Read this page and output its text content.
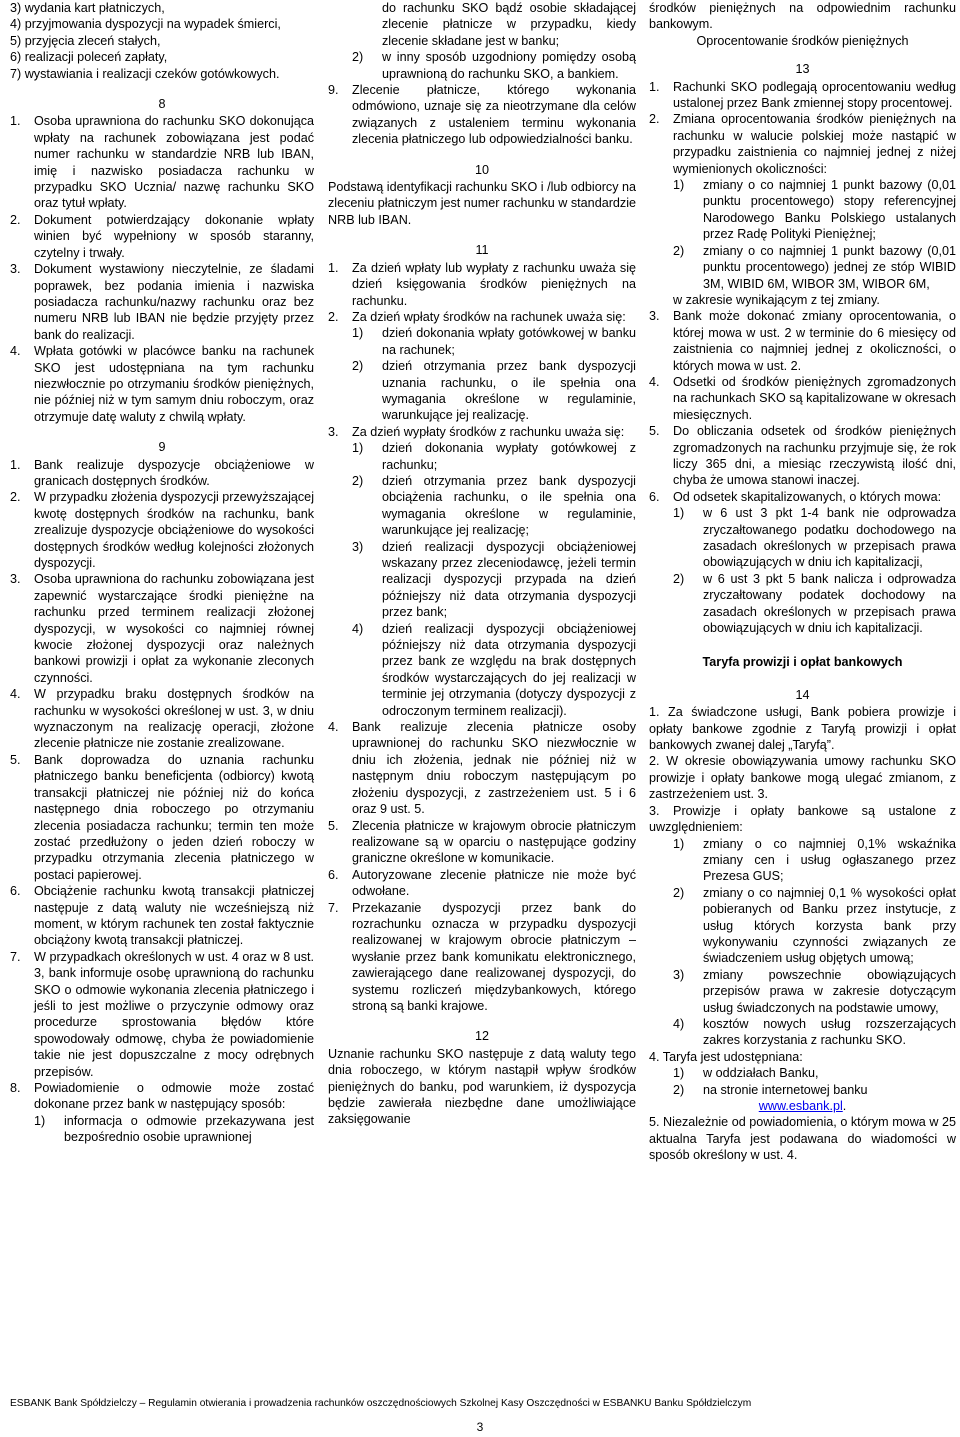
3) wydania kart płatniczych,

4) przyjmowania dyspozycji na wypadek śmierci,

5) przyjęcia zleceń stałych,

6) realizacji poleceń zapłaty,

7) wystawiania i realizacji czeków gotówkowych.

8

1.	Osoba uprawniona do rachunku SKO dokonująca wpłaty na rachunek zobowiązana jest podać numer rachunku w standardzie NRB lub IBAN, imię i nazwisko posiadacza rachunku w przypadku SKO Ucznia/ nazwę rachunku SKO oraz tytuł wpłaty.
2.	Dokument potwierdzający dokonanie wpłaty winien być wypełniony w sposób staranny, czytelny i trwały.
3.	Dokument wystawiony nieczytelnie, ze śladami poprawek, bez podania imienia i nazwiska posiadacza rachunku/nazwy rachunku oraz bez numeru NRB lub IBAN nie będzie przyjęty przez bank do realizacji.
4.	Wpłata gotówki w placówce banku na rachunek SKO jest udostępniana na tym rachunku niezwłocznie po otrzymaniu środków pieniężnych, nie później niż w tym samym dniu roboczym, oraz otrzymuje datę waluty z chwilą wpłaty.

9

1.	Bank realizuje dyspozycje obciążeniowe w granicach dostępnych środków.
2.	W przypadku złożenia dyspozycji przewyższającej kwotę dostępnych środków na rachunku, bank zrealizuje dyspozycje obciążeniowe do wysokości dostępnych środków według kolejności złożonych dyspozycji.
3.	Osoba uprawniona do rachunku zobowiązana jest zapewnić wystarczające środki pieniężne na rachunku przed terminem realizacji złożonej dyspozycji, w wysokości co najmniej równej kwocie złożonej dyspozycji oraz należnych bankowi prowizji i opłat za wykonanie zleconych czynności.
4.	W przypadku braku dostępnych środków na rachunku w wysokości określonej w ust. 3, w dniu wyznaczonym na realizację operacji, złożone zlecenie płatnicze nie zostanie zrealizowane.
5.	Bank doprowadza do uznania rachunku płatniczego banku beneficjenta (odbiorcy) kwotą transakcji płatniczej nie później niż do końca następnego dnia roboczego po otrzymaniu zlecenia posiadacza rachunku; termin ten może zostać przedłużony o jeden dzień roboczy w przypadku otrzymania zlecenia płatniczego w postaci papierowej.
6.	Obciążenie rachunku kwotą transakcji płatniczej następuje z datą waluty nie wcześniejszą niż moment, w którym rachunek ten został faktycznie obciążony kwotą transakcji płatniczej.
7.	W przypadkach określonych w ust. 4 oraz w 8 ust. 3, bank informuje osobę uprawnioną do rachunku SKO o odmowie wykonania zlecenia płatniczego i jeśli to jest możliwe o przyczynie odmowy oraz procedurze sprostowania błędów które spowodowały odmowę, chyba że powiadomienie takie nie jest dopuszczalne z mocy odrębnych przepisów.
8.	Powiadomienie o odmowie może zostać dokonane przez bank w następujący sposób:
1)	informacja o odmowie przekazywana jest bezpośrednio osobie uprawnionej
do rachunku SKO bądź osobie składającej zlecenie płatnicze w przypadku, kiedy zlecenie składane jest w banku;
2)	w inny sposób uzgodniony pomiędzy osobą uprawnioną do rachunku SKO, a bankiem.
9.	Zlecenie płatnicze, którego wykonania odmówiono, uznaje się za nieotrzymane dla celów związanych z ustaleniem terminu wykonania zlecenia płatniczego lub odpowiedzialności banku.

10

Podstawą identyfikacji rachunku SKO i /lub odbiorcy na zleceniu płatniczym jest numer rachunku w standardzie NRB lub IBAN.

11

1.	Za dzień wpłaty lub wypłaty z rachunku uważa się dzień księgowania środków pieniężnych na rachunku.
2.	Za dzień wpłaty środków na rachunek uważa się:
1)	dzień dokonania wpłaty gotówkowej w banku na rachunek;
2)	dzień otrzymania przez bank dyspozycji uznania rachunku, o ile spełnia ona wymagania określone w regulaminie, warunkujące jej realizację.
3.	Za dzień wypłaty środków z rachunku uważa się:
1)	dzień dokonania wypłaty gotówkowej z rachunku;
2)	dzień otrzymania przez bank dyspozycji obciążenia rachunku, o ile spełnia ona wymagania określone w regulaminie, warunkujące jej realizację;
3)	dzień realizacji dyspozycji obciążeniowej wskazany przez zleceniodawcę, jeżeli termin realizacji dyspozycji przypada na dzień późniejszy niż data otrzymania dyspozycji przez bank;
4)	dzień realizacji dyspozycji obciążeniowej późniejszy niż data otrzymania dyspozycji przez bank ze względu na brak dostępnych środków wystarczających do jej realizacji w terminie jej otrzymania (dotyczy dyspozycji z odroczonym terminem realizacji).
4.	Bank realizuje zlecenia płatnicze osoby uprawnionej do rachunku SKO niezwłocznie w dniu ich złożenia, jednak nie później niż w następnym dniu roboczym następującym po złożeniu dyspozycji, z zastrzeżeniem ust. 5 i 6 oraz 9 ust. 5.
5.	Zlecenia płatnicze w krajowym obrocie płatniczym realizowane są w oparciu o następujące godziny graniczne określone w komunikacie.
6.	Autoryzowane zlecenie płatnicze nie może być odwołane.
7.	Przekazanie dyspozycji przez bank do rozrachunku oznacza w przypadku dyspozycji realizowanej w krajowym obrocie płatniczym – wysłanie przez bank komunikatu elektronicznego, zawierającego dane realizowanej dyspozycji, do systemu rozliczeń międzybankowych, którego stroną są banki krajowe.

12

Uznanie rachunku SKO następuje z datą waluty tego dnia roboczego, w którym nastąpił wpływ środków pieniężnych do banku, pod warunkiem, iż dyspozycja będzie zawierała niezbędne dane umożliwiające zaksięgowanie

środków pieniężnych na odpowiednim rachunku bankowym.

Oprocentowanie środków pieniężnych

13

1.	Rachunki SKO podlegają oprocentowaniu według ustalonej przez Bank zmiennej stopy procentowej.
2.	Zmiana oprocentowania środków pieniężnych na rachunku w walucie polskiej może nastąpić w przypadku zaistnienia co najmniej jednej z niżej wymienionych okoliczności:
1)	zmiany o co najmniej 1 punkt bazowy (0,01 punktu procentowego) stopy referencyjnej Narodowego Banku Polskiego ustalanych przez Radę Polityki Pieniężnej;
2)	zmiany o co najmniej 1 punkt bazowy (0,01 punktu procentowego) jednej ze stóp WIBID 3M, WIBID 6M, WIBOR 3M, WIBOR 6M,
w zakresie wynikającym z tej zmiany.
3.	Bank może dokonać zmiany oprocentowania, o której mowa w ust. 2 w terminie do 6 miesięcy od zaistnienia co najmniej jednej z okoliczności, o których mowa w ust. 2.
4.	Odsetki od środków pieniężnych zgromadzonych na rachunkach SKO są kapitalizowane w okresach miesięcznych.
5.	Do obliczania odsetek od środków pieniężnych zgromadzonych na rachunku przyjmuje się, że rok liczy 365 dni, a miesiąc rzeczywistą ilość dni, chyba że umowa stanowi inaczej.
6.	Od odsetek skapitalizowanych, o których mowa:
1)	w 6 ust 3 pkt 1-4 bank nie odprowadza zryczałtowanego podatku dochodowego na zasadach określonych w przepisach prawa obowiązujących w dniu ich kapitalizacji,
2)	w 6 ust 3 pkt 5 bank nalicza i odprowadza zryczałtowany podatek dochodowy na zasadach określonych w przepisach prawa obowiązujących w dniu ich kapitalizacji.

Taryfa prowizji i opłat bankowych

14

1. Za świadczone usługi, Bank pobiera prowizje i opłaty bankowe zgodnie z Taryfą prowizji i opłat bankowych zwanej dalej „Taryfą”.

2. W okresie obowiązywania umowy rachunku SKO prowizje i opłaty bankowe mogą ulegać zmianom, z zastrzeżeniem ust. 3.

3. Prowizje i opłaty bankowe są ustalone z uwzględnieniem:

1)	zmiany o co najmniej 0,1% wskaźnika zmiany cen i usług ogłaszanego przez Prezesa GUS;
2)	zmiany o co najmniej 0,1 % wysokości opłat pobieranych od Banku przez instytucje, z usług których korzysta bank przy wykonywaniu czynności związanych ze świadczeniem usług objętych umową;
3)	zmiany powszechnie obowiązujących przepisów prawa w zakresie dotyczącym usług świadczonych na podstawie umowy,
4)	kosztów nowych usług rozszerzających zakres korzystania z rachunku SKO.

4. Taryfa jest udostępniana:

1)	w oddziałach Banku,
2)	na stronie internetowej banku

www.esbank.pl.

5. Niezależnie od powiadomienia, o którym mowa w 25 aktualna Taryfa jest podawana do wiadomości w sposób określony w ust. 4.

ESBANK Bank Spółdzielczy – Regulamin otwierania i prowadzenia rachunków oszczędnościowych Szkolnej Kasy Oszczędności w ESBANKU Banku Spółdzielczym
3
